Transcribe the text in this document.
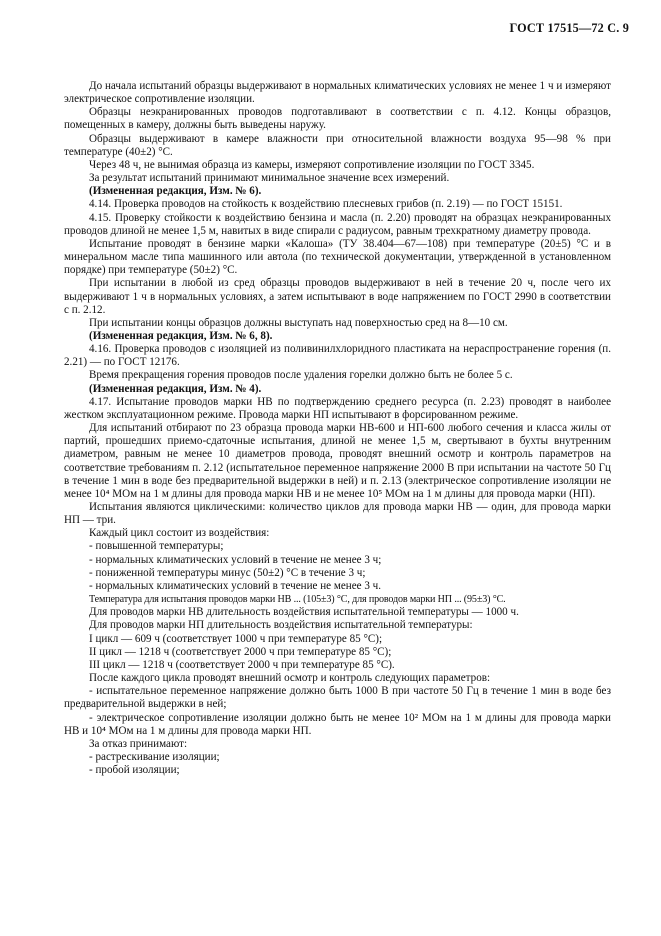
ГОСТ 17515—72 С. 9

До начала испытаний образцы выдерживают в нормальных климатических условиях не менее 1 ч и измеряют электрическое сопротивление изоляции.

Образцы неэкранированных проводов подготавливают в соответствии с п. 4.12. Концы образцов, помещенных в камеру, должны быть выведены наружу.

Образцы выдерживают в камере влажности при относительной влажности воздуха 95—98 % при температуре (40±2) °С.

Через 48 ч, не вынимая образца из камеры, измеряют сопротивление изоляции по ГОСТ 3345.

За результат испытаний принимают минимальное значение всех измерений.

(Измененная редакция, Изм. № 6).

4.14. Проверка проводов на стойкость к воздействию плесневых грибов (п. 2.19) — по ГОСТ 15151.

4.15. Проверку стойкости к воздействию бензина и масла (п. 2.20) проводят на образцах неэкранированных проводов длиной не менее 1,5 м, навитых в виде спирали с радиусом, равным трехкратному диаметру провода.

Испытание проводят в бензине марки «Калоша» (ТУ 38.404—67—108) при температуре (20±5) °С и в минеральном масле типа машинного или автола (по технической документации, утвержденной в установленном порядке) при температуре (50±2) °С.

При испытании в любой из сред образцы проводов выдерживают в ней в течение 20 ч, после чего их выдерживают 1 ч в нормальных условиях, а затем испытывают в воде напряжением по ГОСТ 2990 в соответствии с п. 2.12.

При испытании концы образцов должны выступать над поверхностью сред на 8—10 см.

(Измененная редакция, Изм. № 6, 8).

4.16. Проверка проводов с изоляцией из поливинилхлоридного пластиката на нераспространение горения (п. 2.21) — по ГОСТ 12176.

Время прекращения горения проводов после удаления горелки должно быть не более 5 с.

(Измененная редакция, Изм. № 4).

4.17. Испытание проводов марки НВ по подтверждению среднего ресурса (п. 2.23) проводят в наиболее жестком эксплуатационном режиме. Провода марки НП испытывают в форсированном режиме.

Для испытаний отбирают по 23 образца провода марки НВ-600 и НП-600 любого сечения и класса жилы от партий, прошедших приемо-сдаточные испытания, длиной не менее 1,5 м, свертывают в бухты внутренним диаметром, равным не менее 10 диаметров провода, проводят внешний осмотр и контроль параметров на соответствие требованиям п. 2.12 (испытательное переменное напряжение 2000 В при испытании на частоте 50 Гц в течение 1 мин в воде без предварительной выдержки в ней) и п. 2.13 (электрическое сопротивление изоляции не менее 10⁴ МОм на 1 м длины для провода марки НВ и не менее 10⁵ МОм на 1 м длины для провода марки (НП).

Испытания являются циклическими: количество циклов для провода марки НВ — один, для провода марки НП — три.

Каждый цикл состоит из воздействия:

- повышенной температуры;

- нормальных климатических условий в течение не менее 3 ч;

- пониженной температуры минус (50±2) °С в течение 3 ч;

- нормальных климатических условий в течение не менее 3 ч.

Температура для испытания проводов марки НВ ... (105±3) °С, для проводов марки НП ... (95±3) °С.

Для проводов марки НВ длительность воздействия испытательной температуры — 1000 ч.

Для проводов марки НП длительность воздействия испытательной температуры:

I цикл — 609 ч (соответствует 1000 ч при температуре 85 °С);

II цикл — 1218 ч (соответствует 2000 ч при температуре 85 °С);

III цикл — 1218 ч (соответствует 2000 ч при температуре 85 °С).

После каждого цикла проводят внешний осмотр и контроль следующих параметров:

- испытательное переменное напряжение должно быть 1000 В при частоте 50 Гц в течение 1 мин в воде без предварительной выдержки в ней;

- электрическое сопротивление изоляции должно быть не менее 10² МОм на 1 м длины для провода марки НВ и 10⁴ МОм на 1 м длины для провода марки НП.

За отказ принимают:

- растрескивание изоляции;

- пробой изоляции;
